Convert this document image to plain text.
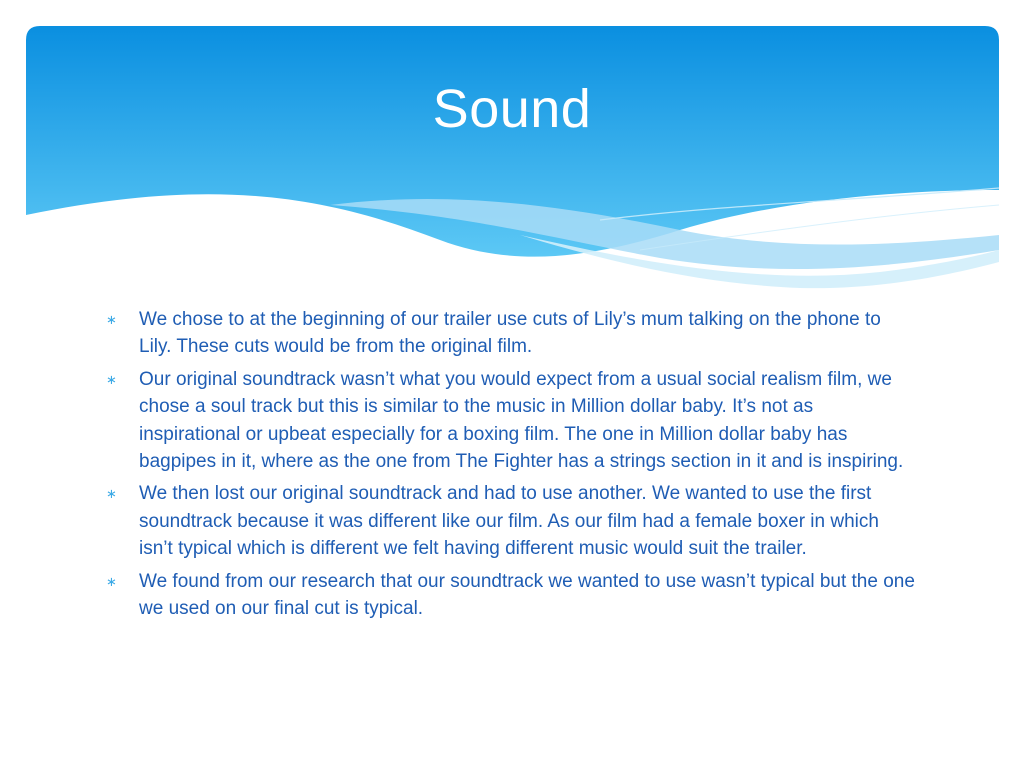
Sound
∗ We chose to at the beginning of our trailer use cuts of Lily’s mum talking on the phone to Lily. These cuts would be from the original film.
∗ Our original soundtrack wasn’t what you would expect from a usual social realism film, we chose a soul track but this is similar to the music in Million dollar baby. It’s not as inspirational or upbeat especially for a boxing film. The one in Million dollar baby has bagpipes in it, where as the one from The Fighter has a strings section in it and is inspiring.
∗ We then lost our original soundtrack and had to use another. We wanted to use the first soundtrack because it was different like our film. As our film had a female boxer in which isn’t typical which is different we felt having different music would suit the trailer.
∗ We found from our research that our soundtrack we wanted to use wasn’t typical but the one we used on our final cut is typical.
